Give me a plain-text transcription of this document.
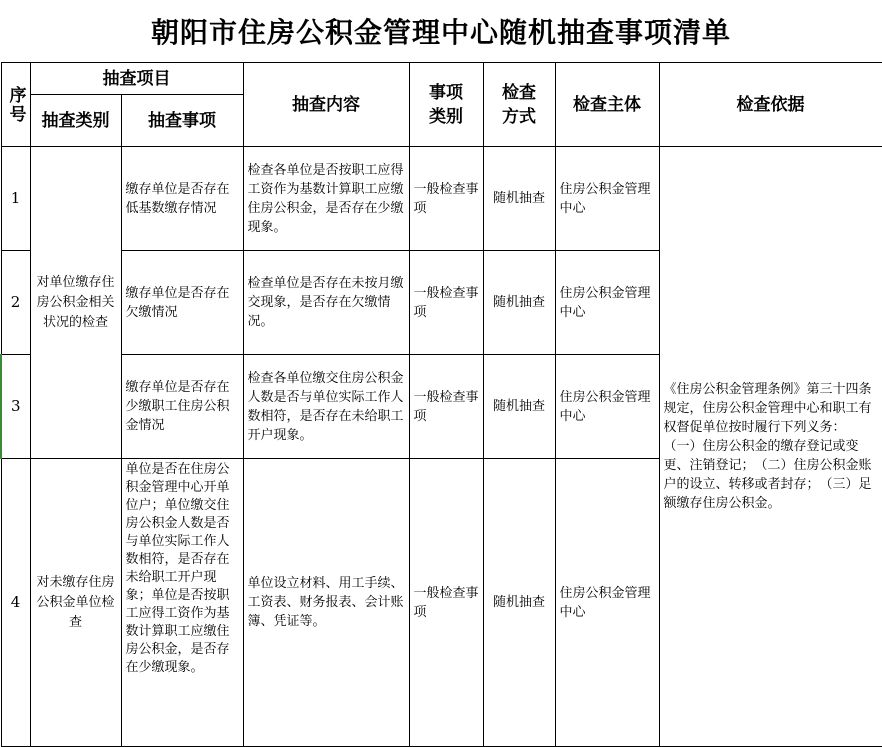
朝阳市住房公积金管理中心随机抽查事项清单
序号	抽查项目		抽查内容	事项类别	检查方式	检查主体	检查依据
	抽查类别	抽查事项					
1	对单位缴存住房公积金相关状况的检查	缴存单位是否存在低基数缴存情况	检查各单位是否按职工应得工资作为基数计算职工应缴住房公积金，是否存在少缴现象。	一般检查事项	随机抽查	住房公积金管理中心	《住房公积金管理条例》第三十四条规定，住房公积金管理中心和职工有权督促单位按时履行下列义务：　（一）住房公积金的缴存登记或变更、注销登记；　（二）住房公积金账户的设立、转移或者封存；　（三）足额缴存住房公积金。
2		缴存单位是否存在欠缴情况	检查单位是否存在未按月缴交现象，是否存在欠缴情况。	一般检查事项	随机抽查	住房公积金管理中心	
3		缴存单位是否存在少缴职工住房公积金情况	检查各单位缴交住房公积金人数是否与单位实际工作人数相符，是否存在未给职工开户现象。	一般检查事项	随机抽查	住房公积金管理中心	
4	对未缴存住房公积金单位检查	单位是否在住房公积金管理中心开单位户；单位缴交住房公积金人数是否与单位实际工作人数相符，是否存在未给职工开户现象；单位是否按职工应得工资作为基数计算职工应缴住房公积金，是否存在少缴现象。	单位设立材料、用工手续、工资表、财务报表、会计账簿、凭证等。	一般检查事项	随机抽查	住房公积金管理中心	
